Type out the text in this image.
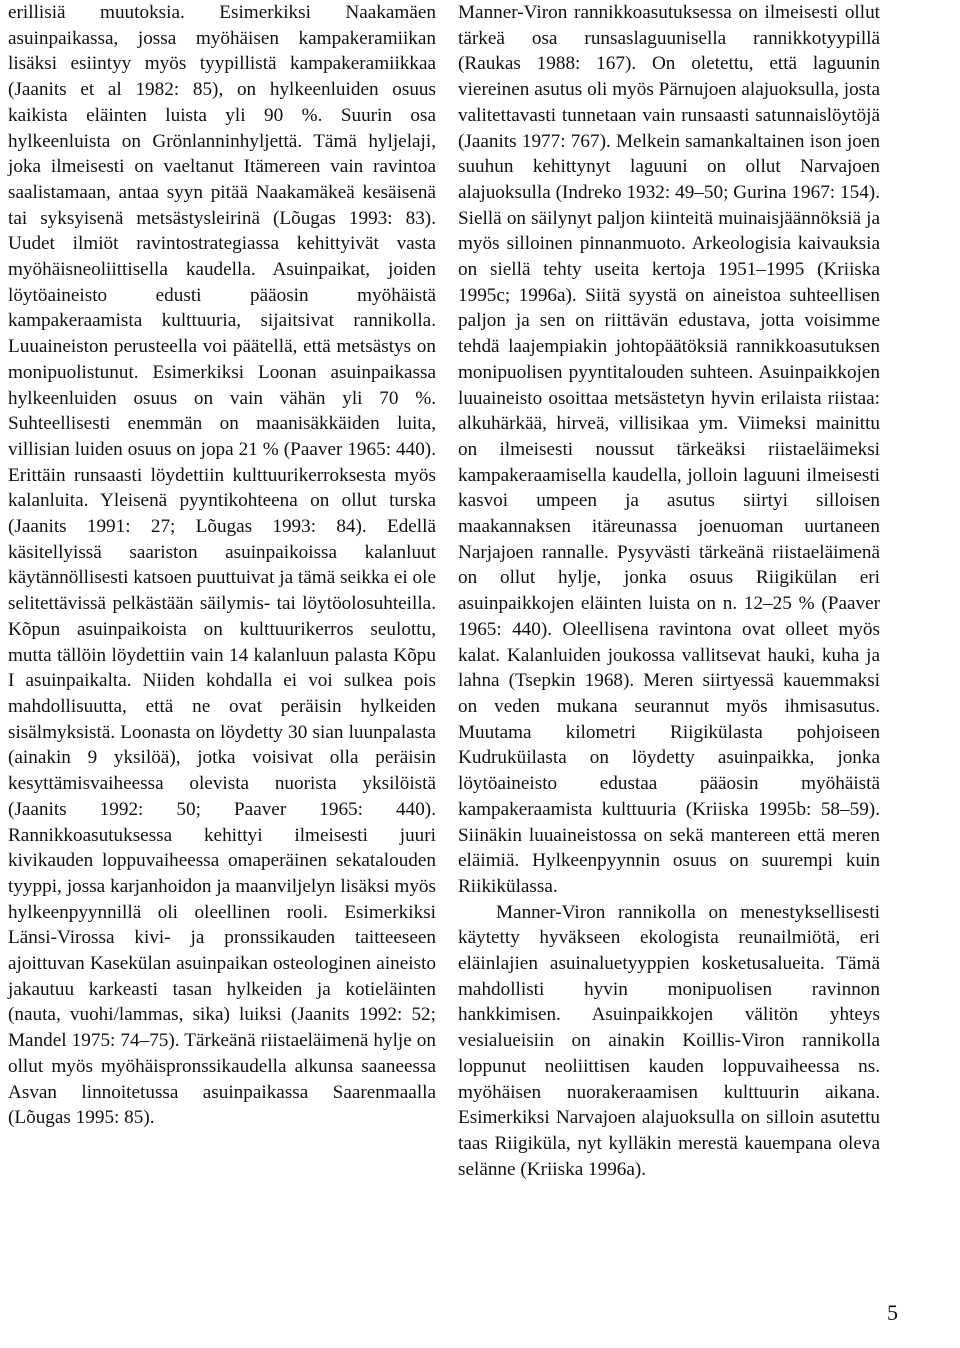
erillisiä muutoksia. Esimerkiksi Naakamäen asuinpaikassa, jossa myöhäisen kampakeramiikan lisäksi esiintyy myös tyypillistä kampakeramiikkaa (Jaanits et al 1982: 85), on hylkeenluiden osuus kaikista eläinten luista yli 90 %. Suurin osa hylkeenluista on Grönlanninhyljettä. Tämä hyljelaji, joka ilmeisesti on vaeltanut Itämereen vain ravintoa saalistamaan, antaa syyn pitää Naakamäkeä kesäisenä tai syksyisenä metsästysleirinä (Lõugas 1993: 83). Uudet ilmiöt ravintostrategiassa kehittyivät vasta myöhäisneoliittisella kaudella. Asuinpaikat, joiden löytöaineisto edusti pääosin myöhäistä kampakeraamista kulttuuria, sijaitsivat rannikolla. Luuaineiston perusteella voi päätellä, että metsästys on monipuolistunut. Esimerkiksi Loonan asuinpaikassa hylkeenluiden osuus on vain vähän yli 70 %. Suhteellisesti enemmän on maanisäkkäiden luita, villisian luiden osuus on jopa 21 % (Paaver 1965: 440). Erittäin runsaasti löydettiin kulttuurikerroksesta myös kalanluita. Yleisenä pyyntikohteena on ollut turska (Jaanits 1991: 27; Lõugas 1993: 84). Edellä käsitellyissä saariston asuinpaikoissa kalanluut käytännöllisesti katsoen puuttuivat ja tämä seikka ei ole selitettävissä pelkästään säilymis- tai löytöolosuhteilla. Kõpun asuinpaikoista on kulttuurikerros seulottu, mutta tällöin löydettiin vain 14 kalanluun palasta Kõpu I asuinpaikalta. Niiden kohdalla ei voi sulkea pois mahdollisuutta, että ne ovat peräisin hylkeiden sisälmyksistä. Loonasta on löydetty 30 sian luunpalasta (ainakin 9 yksilöä), jotka voisivat olla peräisin kesyttämisvaiheessa olevista nuorista yksilöistä (Jaanits 1992: 50; Paaver 1965: 440). Rannikkoasutuksessa kehittyi ilmeisesti juuri kivikauden loppuvaiheessa omaperäinen sekatalouden tyyppi, jossa karjanhoidon ja maanviljelyn lisäksi myös hylkeenpyynnillä oli oleellinen rooli. Esimerkiksi Länsi-Virossa kivi- ja pronssikauden taitteeseen ajoittuvan Kasekülan asuinpaikan osteologinen aineisto jakautuu karkeasti tasan hylkeiden ja kotieläinten (nauta, vuohi/lammas, sika) luiksi (Jaanits 1992: 52; Mandel 1975: 74–75). Tärkeänä riistaeläimenä hylje on ollut myös myöhäispronssikaudella alkunsa saaneessa Asvan linnoitetussa asuinpaikassa Saarenmaalla (Lõugas 1995: 85).

Manner-Viron rannikkoasutuksessa on ilmeisesti ollut tärkeä osa runsaslaguunisella rannikkotyypillä (Raukas 1988: 167). On oletettu, että laguunin viereinen asutus oli myös Pärnujoen alajuoksulla, josta valitettavasti tunnetaan vain runsaasti satunnaislöytöjä (Jaanits 1977: 767). Melkein samankaltainen ison joen suuhun kehittynyt laguuni on ollut Narvajoen alajuoksulla (Indreko 1932: 49–50; Gurina 1967: 154). Siellä on säilynyt paljon kiinteitä muinaisjäännöksiä ja myös silloinen pinnanmuoto. Arkeologisia kaivauksia on siellä tehty useita kertoja 1951–1995 (Kriiska 1995c; 1996a). Siitä syystä on aineistoa suhteellisen paljon ja sen on riittävän edustava, jotta voisimme tehdä laajempiakin johtopäätöksiä rannikkoasutuksen monipuolisen pyyntitalouden suhteen. Asuinpaikkojen luuaineisto osoittaa metsästetyn hyvin erilaista riistaa: alkuhärkää, hirveä, villisikaa ym. Viimeksi mainittu on ilmeisesti noussut tärkeäksi riistaeläimeksi kampakeraamisella kaudella, jolloin laguuni ilmeisesti kasvoi umpeen ja asutus siirtyi silloisen maakannaksen itäreunassa joenuoman uurtaneen Narjajoen rannalle. Pysyvästi tärkeänä riistaeläimenä on ollut hylje, jonka osuus Riigikülan eri asuinpaikkojen eläinten luista on n. 12–25 % (Paaver 1965: 440). Oleellisena ravintona ovat olleet myös kalat. Kalanluiden joukossa vallitsevat hauki, kuha ja lahna (Tsepkin 1968). Meren siirtyessä kauemmaksi on veden mukana seurannut myös ihmisasutus. Muutama kilometri Riigikülasta pohjoiseen Kudruküilasta on löydetty asuinpaikka, jonka löytöaineisto edustaa pääosin myöhäistä kampakeraamista kulttuuria (Kriiska 1995b: 58–59). Siinäkin luuaineistossa on sekä mantereen että meren eläimiä. Hylkeenpyynnin osuus on suurempi kuin Riikikülassa.

Manner-Viron rannikolla on menestyksellisesti käytetty hyväkseen ekologista reunailmiötä, eri eläinlajien asuinaluetyyppien kosketusalueita. Tämä mahdollisti hyvin monipuolisen ravinnon hankkimisen. Asuinpaikkojen välitön yhteys vesialueisiin on ainakin Koillis-Viron rannikolla loppunut neoliittisen kauden loppuvaiheessa ns. myöhäisen nuorakeraamisen kulttuurin aikana. Esimerkiksi Narvajoen alajuoksulla on silloin asutettu taas Riigiküla, nyt kylläkin merestä kauempana oleva selänne (Kriiska 1996a).

5
